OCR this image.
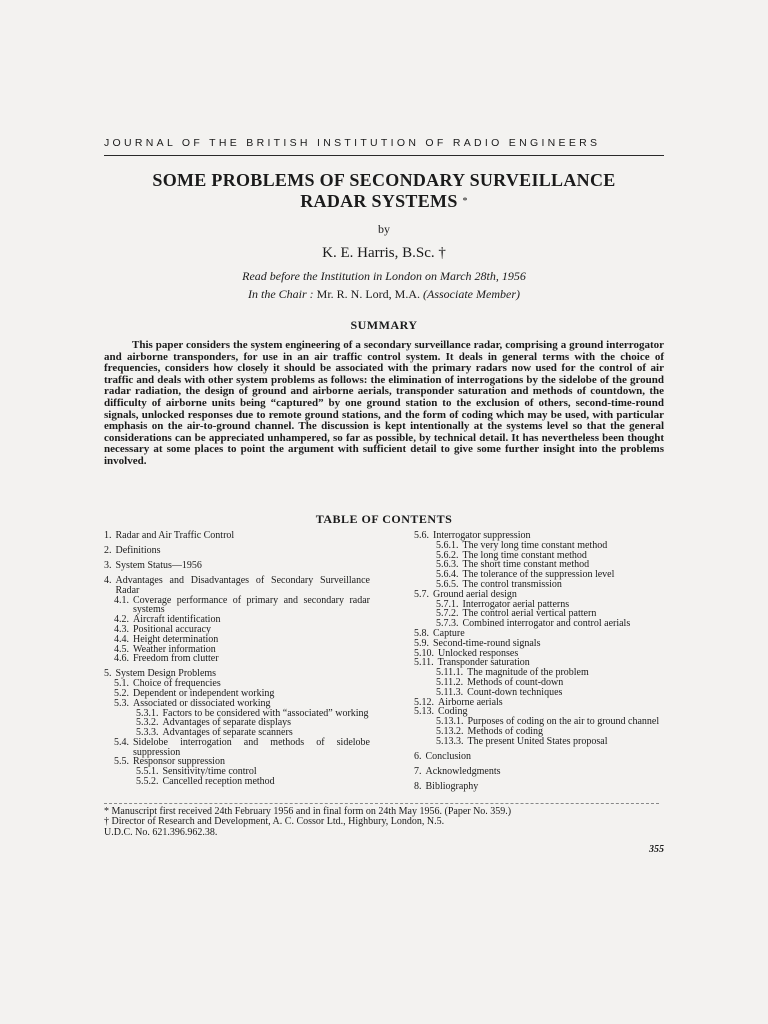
JOURNAL OF THE BRITISH INSTITUTION OF RADIO ENGINEERS
SOME PROBLEMS OF SECONDARY SURVEILLANCE
RADAR SYSTEMS *
by
K. E. Harris, B.Sc. †
Read before the Institution in London on March 28th, 1956
In the Chair : Mr. R. N. Lord, M.A. (Associate Member)
SUMMARY

This paper considers the system engineering of a secondary surveillance radar, comprising a ground interrogator and airborne transponders, for use in an air traffic control system. It deals in general terms with the choice of frequencies, considers how closely it should be associated with the primary radars now used for the control of air traffic and deals with other system problems as follows: the elimination of interrogations by the sidelobe of the ground radar radiation, the design of ground and airborne aerials, transponder saturation and methods of countdown, the difficulty of airborne units being “captured” by one ground station to the exclusion of others, second-time-round signals, unlocked responses due to remote ground stations, and the form of coding which may be used, with particular emphasis on the air-to-ground channel. The discussion is kept intentionally at the systems level so that the general considerations can be appreciated unhampered, so far as possible, by technical detail. It has nevertheless been thought necessary at some places to point the argument with sufficient detail to give some further insight into the problems involved.

TABLE OF CONTENTS
1. Radar and Air Traffic Control
2. Definitions
3. System Status—1956
4. Advantages and Disadvantages of Secondary Surveillance Radar
4.1. Coverage performance of primary and secondary radar systems
4.2. Aircraft identification
4.3. Positional accuracy
4.4. Height determination
4.5. Weather information
4.6. Freedom from clutter
5. System Design Problems
5.1. Choice of frequencies
5.2. Dependent or independent working
5.3. Associated or dissociated working
5.3.1. Factors to be considered with “associated” working
5.3.2. Advantages of separate displays
5.3.3. Advantages of separate scanners
5.4. Sidelobe interrogation and methods of sidelobe suppression
5.5. Responsor suppression
5.5.1. Sensitivity/time control
5.5.2. Cancelled reception method
5.6. Interrogator suppression
5.6.1. The very long time constant method
5.6.2. The long time constant method
5.6.3. The short time constant method
5.6.4. The tolerance of the suppression level
5.6.5. The control transmission
5.7. Ground aerial design
5.7.1. Interrogator aerial patterns
5.7.2. The control aerial vertical pattern
5.7.3. Combined interrogator and control aerials
5.8. Capture
5.9. Second-time-round signals
5.10. Unlocked responses
5.11. Transponder saturation
5.11.1. The magnitude of the problem
5.11.2. Methods of count-down
5.11.3. Count-down techniques
5.12. Airborne aerials
5.13. Coding
5.13.1. Purposes of coding on the air to ground channel
5.13.2. Methods of coding
5.13.3. The present United States proposal
6. Conclusion
7. Acknowledgments
8. Bibliography
* Manuscript first received 24th February 1956 and in final form on 24th May 1956. (Paper No. 359.)
† Director of Research and Development, A. C. Cossor Ltd., Highbury, London, N.5.
U.D.C. No. 621.396.962.38.
355
